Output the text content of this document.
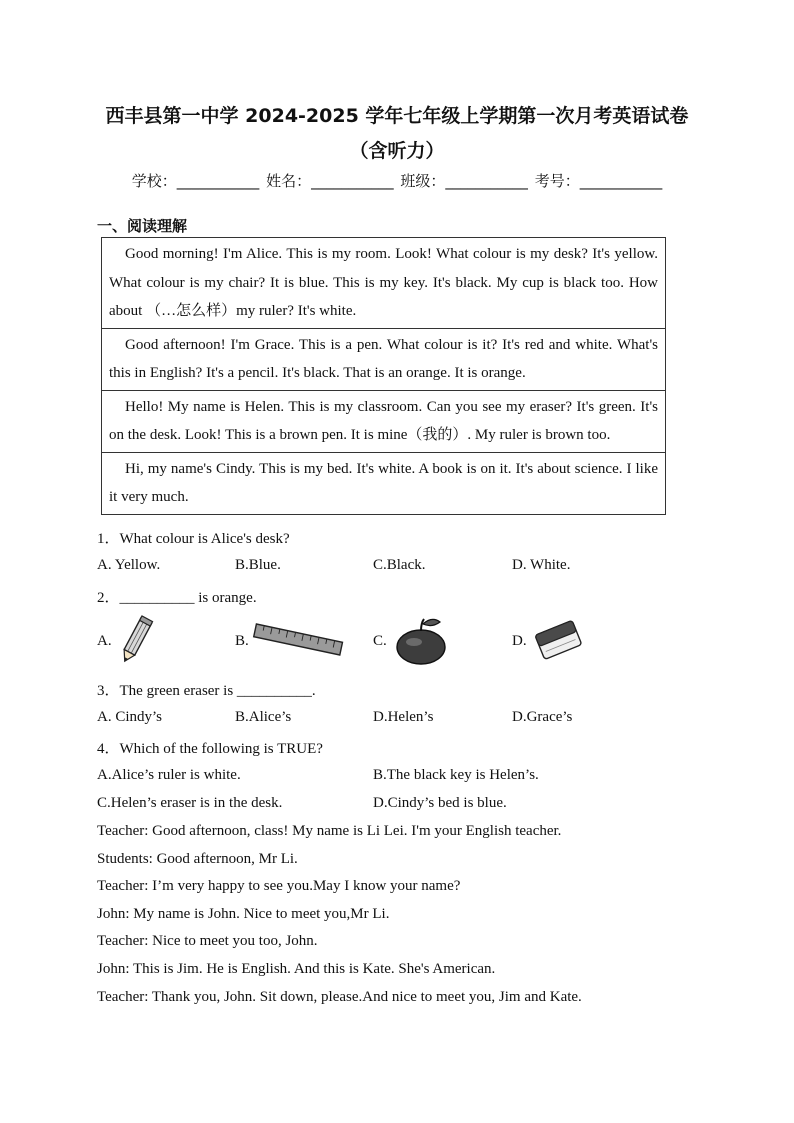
西丰县第一中学 2024-2025 学年七年级上学期第一次月考英语试卷
（含听力）
学校：___________ 姓名：___________ 班级：___________ 考号：___________
一、阅读理解
Good morning! I'm Alice. This is my room. Look! What colour is my desk? It's yellow. What colour is my chair? It is blue. This is my key. It's black. My cup is black too. How about （…怎么样）my ruler? It's white.
Good afternoon! I'm Grace. This is a pen. What colour is it? It's red and white. What's this in English? It's a pencil. It's black. That is an orange. It is orange.
Hello! My name is Helen. This is my classroom. Can you see my eraser? It's green. It's on the desk. Look! This is a brown pen. It is mine（我的）. My ruler is brown too.
Hi, my name's Cindy. This is my bed. It's white. A book is on it. It's about science. I like it very much.
1．What colour is Alice's desk?
A. Yellow.	B.Blue.	C.Black.	D. White.
2．__________ is orange.
A.	B.	C.	D.
3．The green eraser is __________.
A. Cindy’s	B.Alice’s	D.Helen’s	D.Grace’s
4．Which of the following is TRUE?
A.Alice’s ruler is white.	B.The black key is Helen’s.
C.Helen’s eraser is in the desk.	D.Cindy’s bed is blue.
Teacher: Good afternoon, class! My name is Li Lei. I'm your English teacher.
Students: Good afternoon, Mr Li.
Teacher: I’m very happy to see you.May I know your name?
John: My name is John. Nice to meet you,Mr Li.
Teacher: Nice to meet you too, John.
John: This is Jim. He is English. And this is Kate. She's American.
Teacher: Thank you, John. Sit down, please.And nice to meet you, Jim and Kate.
